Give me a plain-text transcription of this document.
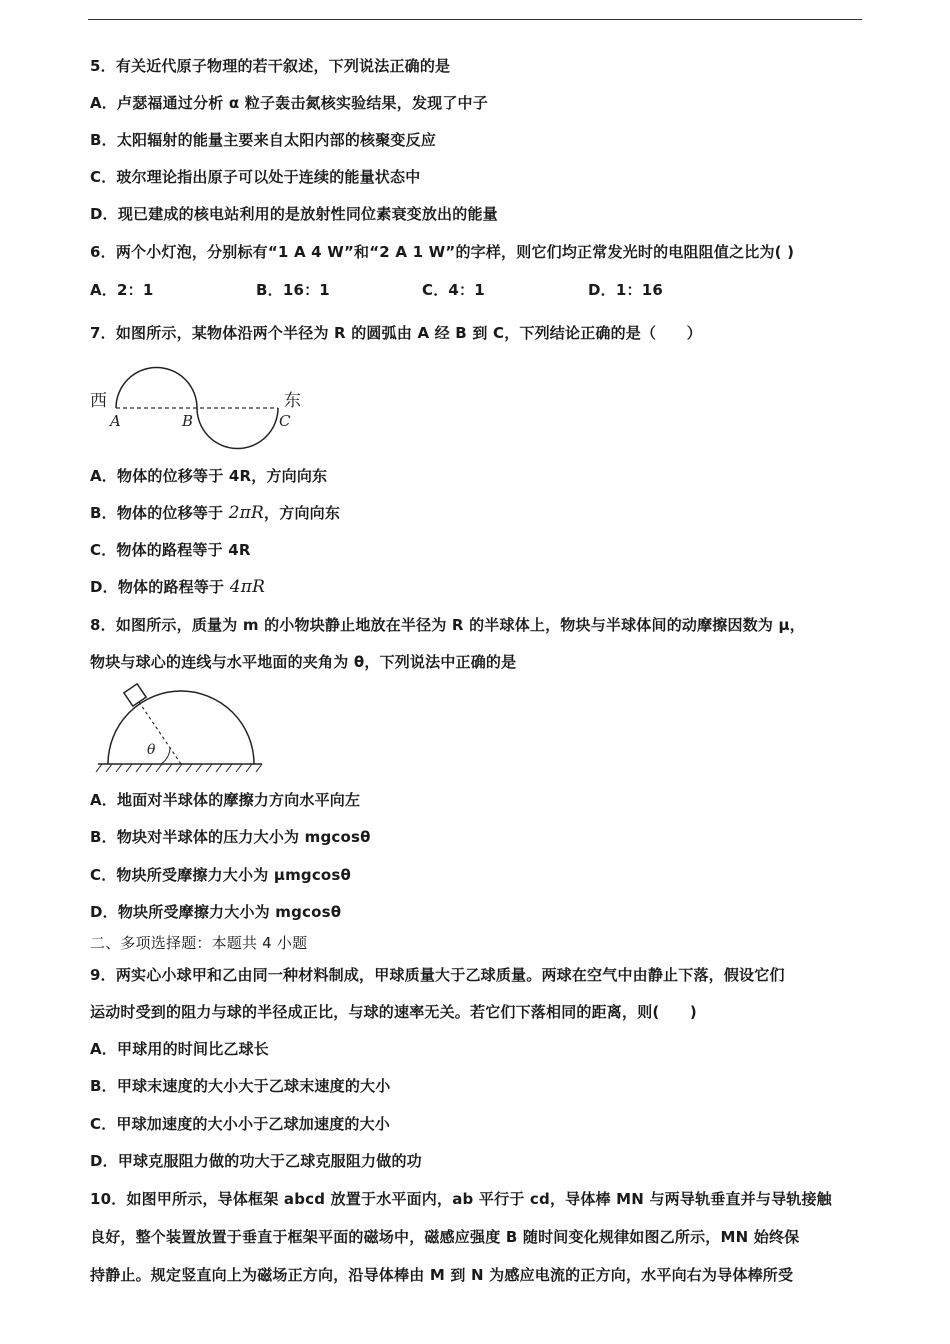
5．有关近代原子物理的若干叙述，下列说法正确的是
A．卢瑟福通过分析 α 粒子轰击氮核实验结果，发现了中子
B．太阳辐射的能量主要来自太阳内部的核聚变反应
C．玻尔理论指出原子可以处于连续的能量状态中
D．现已建成的核电站利用的是放射性同位素衰变放出的能量
6．两个小灯泡，分别标有“1 A 4 W”和“2 A 1 W”的字样，则它们均正常发光时的电阻阻值之比为( )
A．2：1	B．16：1	C．4：1	D．1：16
7．如图所示，某物体沿两个半径为 R 的圆弧由 A 经 B 到 C，下列结论正确的是（　　）
西	东
A	B	C
A．物体的位移等于 4R，方向向东
B．物体的位移等于 2πR，方向向东
C．物体的路程等于 4R
D．物体的路程等于 4πR
8．如图所示，质量为 m 的小物块静止地放在半径为 R 的半球体上，物块与半球体间的动摩擦因数为 μ，
物块与球心的连线与水平地面的夹角为 θ，下列说法中正确的是
θ
A．地面对半球体的摩擦力方向水平向左
B．物块对半球体的压力大小为 mgcosθ
C．物块所受摩擦力大小为 μmgcosθ
D．物块所受摩擦力大小为 mgcosθ
二、多项选择题：本题共 4 小题
9．两实心小球甲和乙由同一种材料制成，甲球质量大于乙球质量。两球在空气中由静止下落，假设它们
运动时受到的阻力与球的半径成正比，与球的速率无关。若它们下落相同的距离，则(　　)
A．甲球用的时间比乙球长
B．甲球末速度的大小大于乙球末速度的大小
C．甲球加速度的大小小于乙球加速度的大小
D．甲球克服阻力做的功大于乙球克服阻力做的功
10．如图甲所示，导体框架 abcd 放置于水平面内，ab 平行于 cd，导体棒 MN 与两导轨垂直并与导轨接触
良好，整个装置放置于垂直于框架平面的磁场中，磁感应强度 B 随时间变化规律如图乙所示，MN 始终保
持静止。规定竖直向上为磁场正方向，沿导体棒由 M 到 N 为感应电流的正方向，水平向右为导体棒所受
